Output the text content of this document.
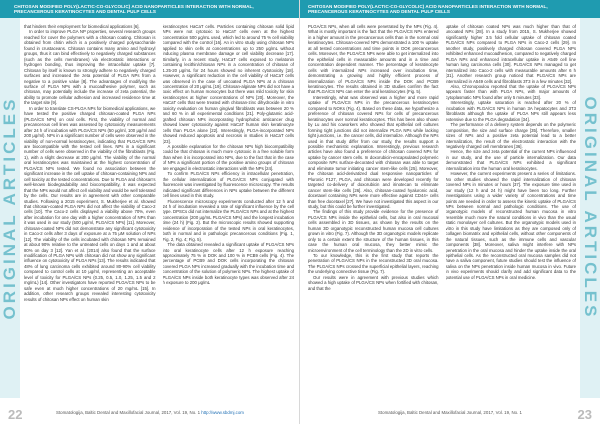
CHITOSAN MODIFIED POLY(LACTIC-CO-GLYCOLIC) ACID NANOPARTICLES INTERACTION WITH NORMAL, PRECANCEROUS KERATINOCYTES AND DENTAL PULP CELLS
ORIGINAL ARTICLES

that hinders their employment for biomedical applications [6].

In order to improve PLGA NP properties, several research groups reached for cover the polymers with a chitosan coating. Chitosan is obtained from chitin which is a positively charged polysaccharide found in crustaceans. Chitosan contains many amino and hydroxyl groups, thus it can bind effectively to negatively charged substances (such as the cells membranes) via electrostatic interactions or hydrogen bonding, thus improving the intracellular uptake [7]. Chitosan by itself is known to strongly adhere to negatively charged surfaces and increased the zeta potential of PLGA NPs from a negative to a positive value [8]. The advantages of modifying the surface of PLGA NPs with a mucoadhesive polymer, such as chitosan, may potentially include the increase of zeta potential, the ability to promote cellular adhesion and increased residence time at the target site [9].

In order to translate CS-PLGA NPs for biomedical applications, we have tested the positive charged chitosan-coated PLGA NPs (PLGA/CS NPs) on oral cells. First, the viability of normal and precancerous cell lines was assessed by cytotoxicity measurements after 24 h of incubation with PLGA/CS NPs (50 μg/ml, 100 μg/ml and 200 μg/ml). NPs in a significant number of cells were observed in the viability of non-normal keratinocytes, indicating that PLGA/CS NPs are biocompatible with the tested cell lines. NPs in a significant number of cells were observed in the viability of the fibroblasts (Fig. 1), with a slight decrease at 200 μg/ml. The viability of the normal oral keratinocytes was maintained at the highest concentration of PLGA/CS NPs tested. We found no association between the significant increase in the cell uptake of chitosan-containing NPs and cell toxicity at the tested concentrations. Due to PLGA and chitosan's well-known biodegradability and biocompatibility, it was expected that the NPs would not affect cell viability and would be well tolerated by the cells. Our results are in agreement with other comparable studies. Following a 2015 experiment, S. Mukherjee et al. showed that chitosan-coated PLGA NPs did not affect the viability of Caco-2 cells [10]. The Caco-2 cells displayed a viability above 70%, even after incubation for one day with a higher concentration of NPs than it was used in our study (500 μg/ml, PLGA/CS NPs) [11]. Moreover, chitosan-coated NPs did not demonstrate any significant cytotoxicity in Caco-2 cells after 3 days of exposure at a 75 μM solution of NPs [12]. The viability of the cells incubated with chitosan NPs remained at about 90% relative to the untreated cells on days 1 and at about 80% on day 3 [12]. Yan et al. (2014) also found that the surface modification of PLGA NPs with chitosan did not show any significant influence on cytotoxicity of PLGA NPs [13]. The results indicated that 48% of lung carcinoma cells exhibited around 80-90% cell viability compared to control cells at 10 μg/ml, representing an acceptable level of toxicity for PLGA/CS NPs (0.25, 0.5, 1.0, 1.25, 1.5 and 2 mg/mL) [14]. Other investigators have reported PLGA/CS NPs to be safe even at much higher concentrations of 20 mg/mL [15]. In addition, other research groups revealed interesting cytotoxicity results of chitosan NPs effect on human skin

keratinocytes HaCaT cells. Particles containing chitosan solid lipid NPs were not cytotoxic to HaCaT cells even at the highest concentration 500 μg/mL used, which led to around 75 % cell viability compared with the control [16]. An in vitro study using chitosan NPs applied to skin cells at concentrations up to 250 μg/mL without inducing plasma membrane damage or cell viability decrease [17]. Similarly, in a recent study, HaCaT cells exposed to melatonin containing lecithin/chitosan NPs in a concentration of chitosan of 1.25-20 μg/mL for 24 hours showed no inherent cytotoxicity [18]. However, a significant reduction in the cell viability of HaCaT cells was observed in the case of uncoated PLGA NPs at a chitosan concentration of 20 μg/mL [19]. Chitosan-alginate NPs did not have a toxic effect on human monocytes but there was mild toxicity for skin keratinocytes at higher concentrations of NPs [20]. Moreover, the HaCaT cells that were treated with chitosan-zinc dihydroxide in vitro toxicity evaluation on human gingival fibroblasts was between 20 % and 60 % in all experimental conditions [21]. Poly-glutamic acid-grafted chitosan NPs incorporating hydrophobic anticancer drug showed lower cytotoxicity against HaCaT human skin keratinocyte cells than PLGA alone [22]. Interestingly, PLGA-incorporated NPs showed reduced apoptosis and necrosis in studies in HaCaT cells [23].

A possible explanation for the chitosan NPs high biocompatibility could be that chitosan is much more cytotoxic in a free soluble form than when it is incorporated into NPs, due to the fact that in the case of NPs a significant portion of the positive amino groups of chitosan are engaged in electrostatic interactions with the NPs [24].

To confirm PLGA/CS NPs efficiency in intracellular penetration, the cellular internalization of PLGA/CS NPs conjugated with fluorescein was investigated by fluorescence microscopy. The results indicated significant differences in NPs uptake between the different cell lines used in this study.

Fluorescence microscopy experiments conducted after 12 h and 24 h of incubation revealed a rate of significant influence by the cell type. DPSCs did not internalize the PLGA/CS NPs and at the highest concentration (200 μg/mL PLGA/CS NPs) and the longest incubation time (24 h) (Fig. 2). But the microscopic results showed supporting evidence of incorporation of the tested NPs in oral keratinocytes, both in normal and in pathologic precancerous conditions (Fig. 1, Fig. 2, Fig. 4; Fig. 5).

The data obtained revealed a significant uptake of PLGA/CS NPs into oral keratinocyte cells after 12 h exposure reaching approximately 75 % in DOK and 100 % in PCB9 cells (Fig. 4). The percentage of PCB9 and DOK cells incorporating the chitosan covered PLGA NPs increased gradually with the incubation time and concentration of the solution of polymeric NPs. The highest uptake of PLGA/CS NPs inside both keratinocyte types was observed after 24 h exposure to 200 μg/mL

22	Stomatologija, Baltic Dental and Maxillofacial Journal, 2017, Vol. 19, No. 1 http://www.sbdmj.com
CHITOSAN MODIFIED POLY(LACTIC-CO-GLYCOLIC) ACID NANOPARTICLES INTERACTION WITH NORMAL, PRECANCEROUS KERATINOCYTES AND DENTAL PULP CELLS
ORIGINAL ARTICLES

PLGA/CS NPs, when all cells were penetrated by the NPs (Fig. 4). What is mostly important is the fact that the PLGA/CS NPs entered in a higher amount in the precancerous cells than in the normal oral keratinocytes. Chitosan-covered NPs demonstrated a 100 % uptake at all tested concentrations and time points in DOK precancerous cells. Moreover, the PLGA/CS NPs were able to get internalized into the epithelial cells in measurable amounts and in a time and concentration dependent manner. The percentage of keratinocyte cells with internalized NPs increased over incubation time, demonstrating a growing and highly efficient process of internalization of PLGA/CS NPs inside the DOK and PCB9 keratinocytes. The results obtained in 3D studies confirm the fact that PLGA/CS NPs can enter the oral keratinocytes (Fig. 5).

Interestingly, what was observed was a higher and more rapid uptake of PLGA/CS NPs in the precancerous keratinocytes compared to NOKs (Fig. 4). Based on these data, we hypothesize a preference of chitosan covered NPs for cells of precancerous keratinocytes over normal keratinocytes. This has been also shown by Lu and his coworkers who showed that epithelial cell cultures forming tight junctions did not internalize PLGA NPs while lacking tight junctions, i.e. the cancer cells, did internalize. Although the NPs used in that study differ from our study, the results support a possible mechanistic explanation. Interestingly, previous research articles have also found a preference of chitosan covered NPs for uptake by cancer stem cells. In doxorubicin-encapsulated polymeric composite NPs surface-decorated with chitosan was able to target and eliminate tumor initiating cancer stem-like cells [25]. Moreover, the chitosan acid-derivatized dual responsive nanoparticles of Pluronic F127, PLGA, and chitosan were developed recently for targeted co-delivery of doxorubicin and irinotecan to eliminate cancer stem-like cells [26]. Also, chitosan-coated hyaluronic acid, docetaxel containing NPs were more effective against CD44+ cells than free docetaxel [27]. We have not investigated this aspect in our study, but this could be further investigated.

The findings of this study provide evidence for the presence of PLGA/CS NPs inside the epithelial cells, but also in oral mucosal cells assembled in 3D tissues, as shown by the results on the human 3D organotypic reconstructed human mucosa cell cultures grown in vitro (Fig. 7). Although the 3D organotypic models replicate only to a certain extent the structure of the human tissues, in this case the human oral mucosa, they better mimic the microenvironment of the cell terminology than the 2D in vitro cells.

To our knowledge, this is the first study that reports the penetration of PLGA/CS NPs in the reconstructed 3D oral mucosa. The PLGA/CS NPs crossed the superficial epithelial layers, reaching the underlying connective tissue (Fig. 7).

Our results were in agreement with previous studies which showed a high uptake of PLGA/CS NPs when fortified with chitosan, and that the

uptake of chitosan coated NPs was much higher than that of uncoated NPs [28]. In a study from 2015, S. Mukherjee showed significantly higher 3.5 fold cellular uptake of chitosan coated PLGA/CS NPs compared to PLGA NPs in Caco-2 cells [29]. In another study, positively charged chitosan covered PLGA NPs exhibited enhanced mucoadhesion, compared to negatively charged PLGA NPs and enhanced intracellular uptake in A549 cell line human lung carcinoma cells [30]. PLGA/CS NPs managed to get internalized into Caco-2 cells with measurable amounts after 6 h [31]. Another research group noticed that PLGA/CS NPs are internalized in A549 cells and fibroblasts 3T3 in a few minutes [32].

Also, Chronopoulou reported that the uptake of PLGA/CS NPs appears faster than with PLGA NPs, with major amounts of cytoplasmatic NPs found after only 5 minutes [33].

Interestingly, uptake saturation is reached after 20 % of incubation with PLGA/CS NPs in human 3A hepatocytes and 3T3 fibroblasts although the uptake of PLGA NPs still appears less extensive due to the PLGA degradation [34].

The performance of a delivery system depends on the polymeric composition, the size and surface charge [35]. Therefore, smaller sizes of NPs and a positive zeta potential lead to a better internalization, the result of the electrostatic interaction with the negatively charged cell membranes [36].

Hence, the size and zeta potential of the current NPs influenced in our study, and the use of particle internalization. Our data demonstrated that PLGA/CS NPs exhibited a significant internalization into the human oral keratinocytes.

However, the current experiments present a series of limitations. No other studies showed the rapid internalization of chitosan covered NPs in minutes or hours [37]. The exposure time used in our study (12 h and 24 h) might have been too long. Further investigations using a wider variety of concentrations and time points are needed in order to assess the kinetic uptake of PLGA/CS NPs between normal and pathologic conditions. The use of organotypic models of reconstructed human mucosa in vitro resemble much more the natural conditions in vivo than the usual static monolayer cell cultures. But the organotypic models used in vitro in this study have limitations as they are composed only of collagen biomatrix and epithelial cells, without other components of the natural tissues, such as the immune cells and vascular components [38]. Moreover, saliva might interfere with NPs penetration in the oral mucosa and hinder the uptake inside the oral epithelial cells. As the reconstructed oral mucosa samples did not have a saliva component, future studies should test the influence of saliva on the NPs penetration inside human mucosa in vivo. Future in vivo experiments should clarify and add significant data to the potential use of PLGA/CS NPs in oral medicine.

23
Stomatologija, Baltic Dental and Maxillofacial Journal, 2017, Vol. 19, No. 1
